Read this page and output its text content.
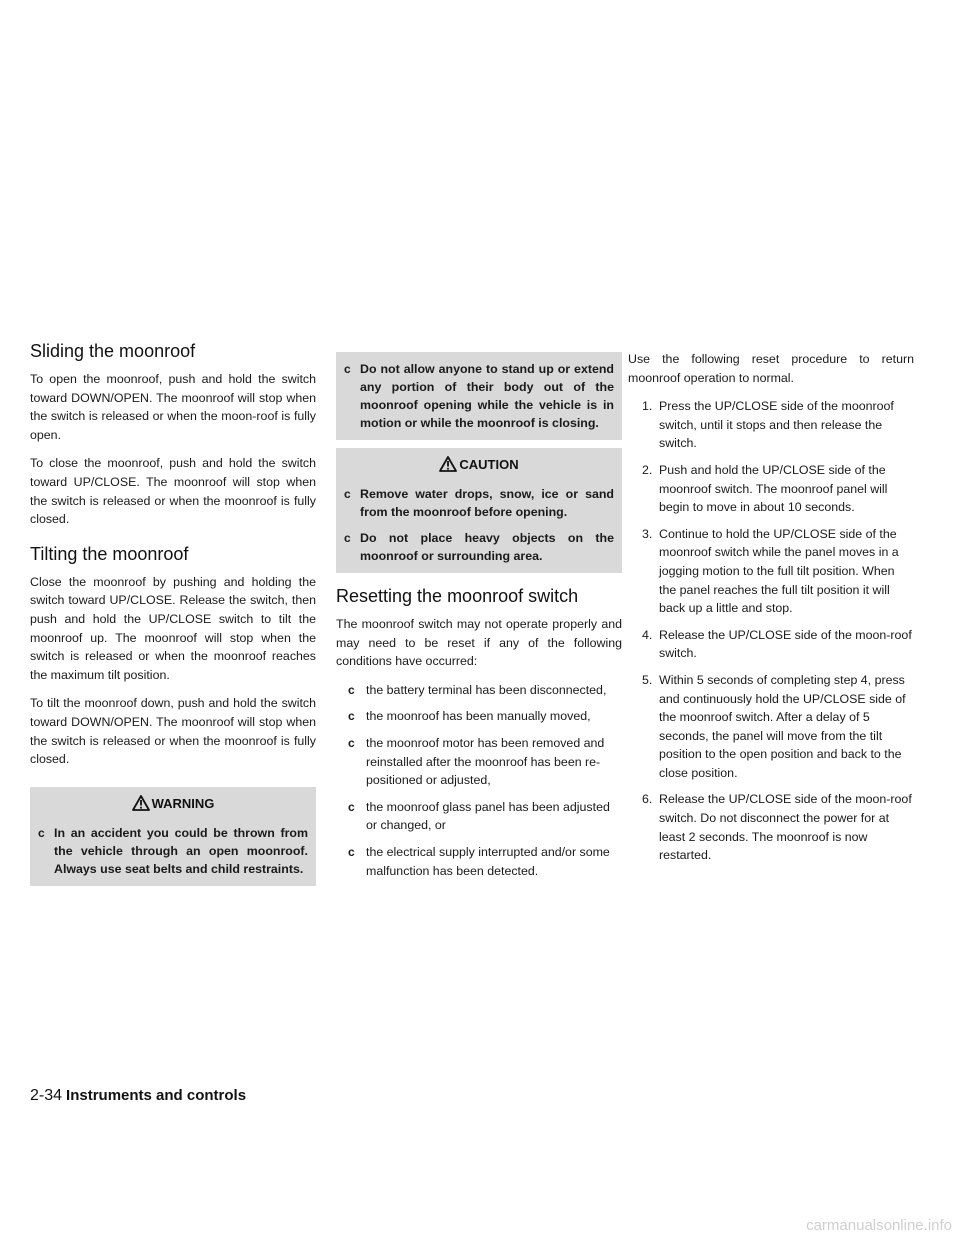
Sliding the moonroof

To open the moonroof, push and hold the switch toward DOWN/OPEN. The moonroof will stop when the switch is released or when the moon-roof is fully open.

To close the moonroof, push and hold the switch toward UP/CLOSE. The moonroof will stop when the switch is released or when the moonroof is fully closed.

Tilting the moonroof

Close the moonroof by pushing and holding the switch toward UP/CLOSE. Release the switch, then push and hold the UP/CLOSE switch to tilt the moonroof up. The moonroof will stop when the switch is released or when the moonroof reaches the maximum tilt position.

To tilt the moonroof down, push and hold the switch toward DOWN/OPEN. The moonroof will stop when the switch is released or when the moonroof is fully closed.

WARNING
c In an accident you could be thrown from the vehicle through an open moonroof. Always use seat belts and child restraints.
c Do not allow anyone to stand up or extend any portion of their body out of the moonroof opening while the vehicle is in motion or while the moonroof is closing.
CAUTION
c Remove water drops, snow, ice or sand from the moonroof before opening.
c Do not place heavy objects on the moonroof or surrounding area.
Resetting the moonroof switch

The moonroof switch may not operate properly and may need to be reset if any of the following conditions have occurred:

c the battery terminal has been disconnected,
c the moonroof has been manually moved,
c the moonroof motor has been removed and reinstalled after the moonroof has been re-positioned or adjusted,
c the moonroof glass panel has been adjusted or changed, or
c the electrical supply interrupted and/or some malfunction has been detected.

Use the following reset procedure to return moonroof operation to normal.

1. Press the UP/CLOSE side of the moonroof switch, until it stops and then release the switch.
2. Push and hold the UP/CLOSE side of the moonroof switch. The moonroof panel will begin to move in about 10 seconds.
3. Continue to hold the UP/CLOSE side of the moonroof switch while the panel moves in a jogging motion to the full tilt position. When the panel reaches the full tilt position it will back up a little and stop.
4. Release the UP/CLOSE side of the moon-roof switch.
5. Within 5 seconds of completing step 4, press and continuously hold the UP/CLOSE side of the moonroof switch. After a delay of 5 seconds, the panel will move from the tilt position to the open position and back to the close position.
6. Release the UP/CLOSE side of the moon-roof switch. Do not disconnect the power for at least 2 seconds. The moonroof is now restarted.
2-34 Instruments and controls
carmanualsonline.info
